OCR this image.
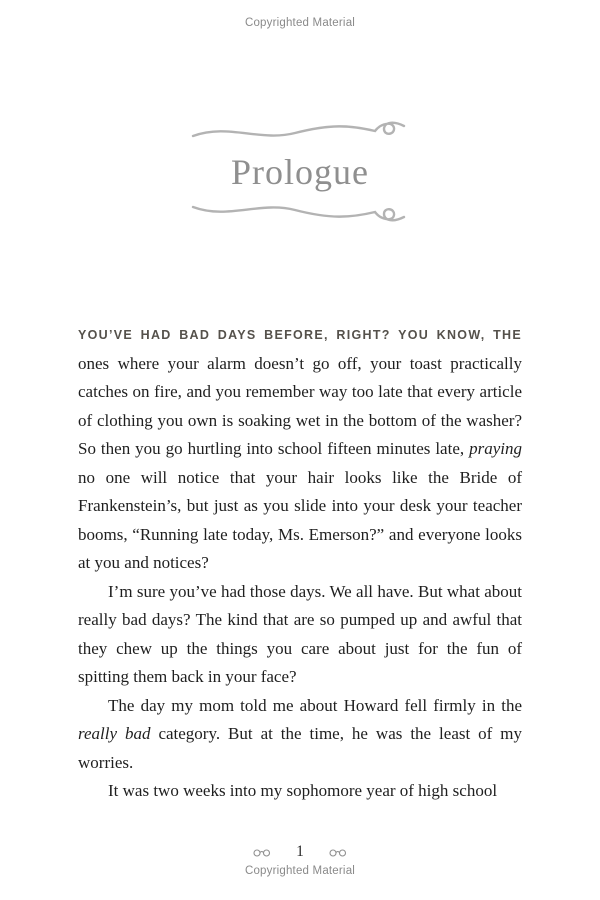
Copyrighted Material
Prologue

YOU’VE HAD BAD DAYS BEFORE, RIGHT? YOU KNOW, THE ones where your alarm doesn’t go off, your toast practically catches on fire, and you remember way too late that every article of clothing you own is soaking wet in the bottom of the washer? So then you go hurtling into school fifteen minutes late, praying no one will notice that your hair looks like the Bride of Frankenstein’s, but just as you slide into your desk your teacher booms, “Running late today, Ms. Emerson?” and everyone looks at you and notices?

I’m sure you’ve had those days. We all have. But what about really bad days? The kind that are so pumped up and awful that they chew up the things you care about just for the fun of spitting them back in your face?

The day my mom told me about Howard fell firmly in the really bad category. But at the time, he was the least of my worries.

It was two weeks into my sophomore year of high school

1
Copyrighted Material
